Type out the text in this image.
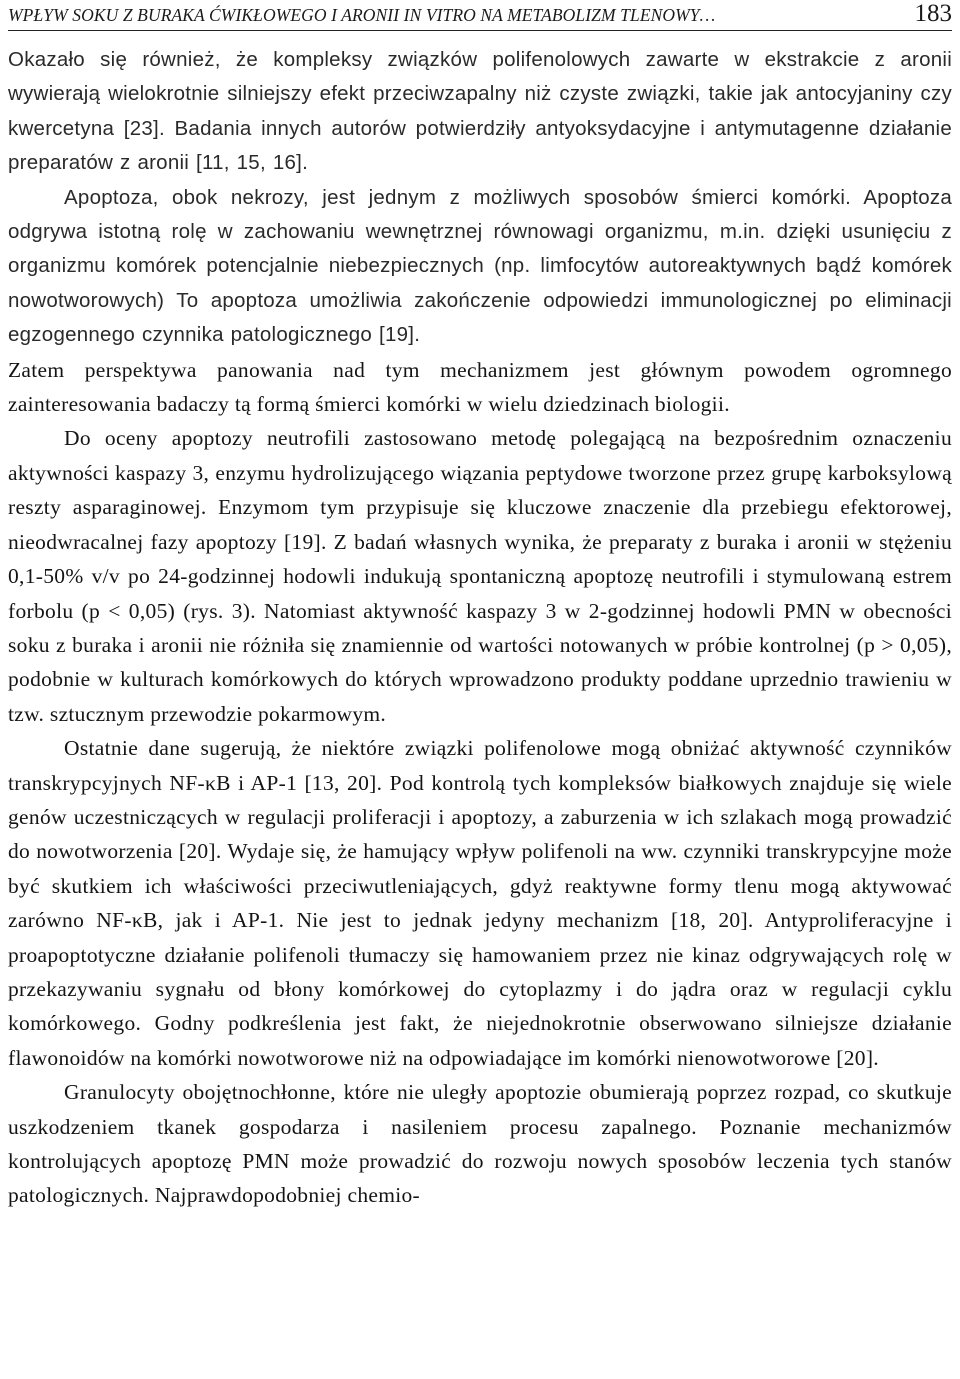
WPŁYW SOKU Z BURAKA ĆWIKŁOWEGO I ARONII IN VITRO NA METABOLIZM TLENOWY…	183

Okazało się również, że kompleksy związków polifenolowych zawarte w ekstrakcie z aronii wywierają wielokrotnie silniejszy efekt przeciwzapalny niż czyste związki, takie jak antocyjaniny czy kwercetyna [23]. Badania innych autorów potwierdziły antyoksydacyjne i antymutagenne działanie preparatów z aronii [11, 15, 16].

Apoptoza, obok nekrozy, jest jednym z możliwych sposobów śmierci komórki. Apoptoza odgrywa istotną rolę w zachowaniu wewnętrznej równowagi organizmu, m.in. dzięki usunięciu z organizmu komórek potencjalnie niebezpiecznych (np. limfocytów autoreaktywnych bądź komórek nowotworowych) To apoptoza umożliwia zakończenie odpowiedzi immunologicznej po eliminacji egzogennego czynnika patologicznego [19].

Zatem perspektywa panowania nad tym mechanizmem jest głównym powodem ogromnego zainteresowania badaczy tą formą śmierci komórki w wielu dziedzinach biologii.

Do oceny apoptozy neutrofili zastosowano metodę polegającą na bezpośrednim oznaczeniu aktywności kaspazy 3, enzymu hydrolizującego wiązania peptydowe tworzone przez grupę karboksylową reszty asparaginowej. Enzymom tym przypisuje się kluczowe znaczenie dla przebiegu efektorowej, nieodwracalnej fazy apoptozy [19]. Z badań własnych wynika, że preparaty z buraka i aronii w stężeniu 0,1-50% v/v po 24-godzinnej hodowli indukują spontaniczną apoptozę neutrofili i stymulowaną estrem forbolu (p < 0,05) (rys. 3). Natomiast aktywność kaspazy 3 w 2-godzinnej hodowli PMN w obecności soku z buraka i aronii nie różniła się znamiennie od wartości notowanych w próbie kontrolnej (p > 0,05), podobnie w kulturach komórkowych do których wprowadzono produkty poddane uprzednio trawieniu w tzw. sztucznym przewodzie pokarmowym.

Ostatnie dane sugerują, że niektóre związki polifenolowe mogą obniżać aktywność czynników transkrypcyjnych NF-κB i AP-1 [13, 20]. Pod kontrolą tych kompleksów białkowych znajduje się wiele genów uczestniczących w regulacji proliferacji i apoptozy, a zaburzenia w ich szlakach mogą prowadzić do nowotworzenia [20]. Wydaje się, że hamujący wpływ polifenoli na ww. czynniki transkrypcyjne może być skutkiem ich właściwości przeciwutleniających, gdyż reaktywne formy tlenu mogą aktywować zarówno NF-κB, jak i AP-1. Nie jest to jednak jedyny mechanizm [18, 20]. Antyproliferacyjne i proapoptotyczne działanie polifenoli tłumaczy się hamowaniem przez nie kinaz odgrywających rolę w przekazywaniu sygnału od błony komórkowej do cytoplazmy i do jądra oraz w regulacji cyklu komórkowego. Godny podkreślenia jest fakt, że niejednokrotnie obserwowano silniejsze działanie flawonoidów na komórki nowotworowe niż na odpowiadające im komórki nienowotworowe [20].

Granulocyty obojętnochłonne, które nie uległy apoptozie obumierają poprzez rozpad, co skutkuje uszkodzeniem tkanek gospodarza i nasileniem procesu zapalnego. Poznanie mechanizmów kontrolujących apoptozę PMN może prowadzić do rozwoju nowych sposobów leczenia tych stanów patologicznych. Najprawdopodobniej chemio-
